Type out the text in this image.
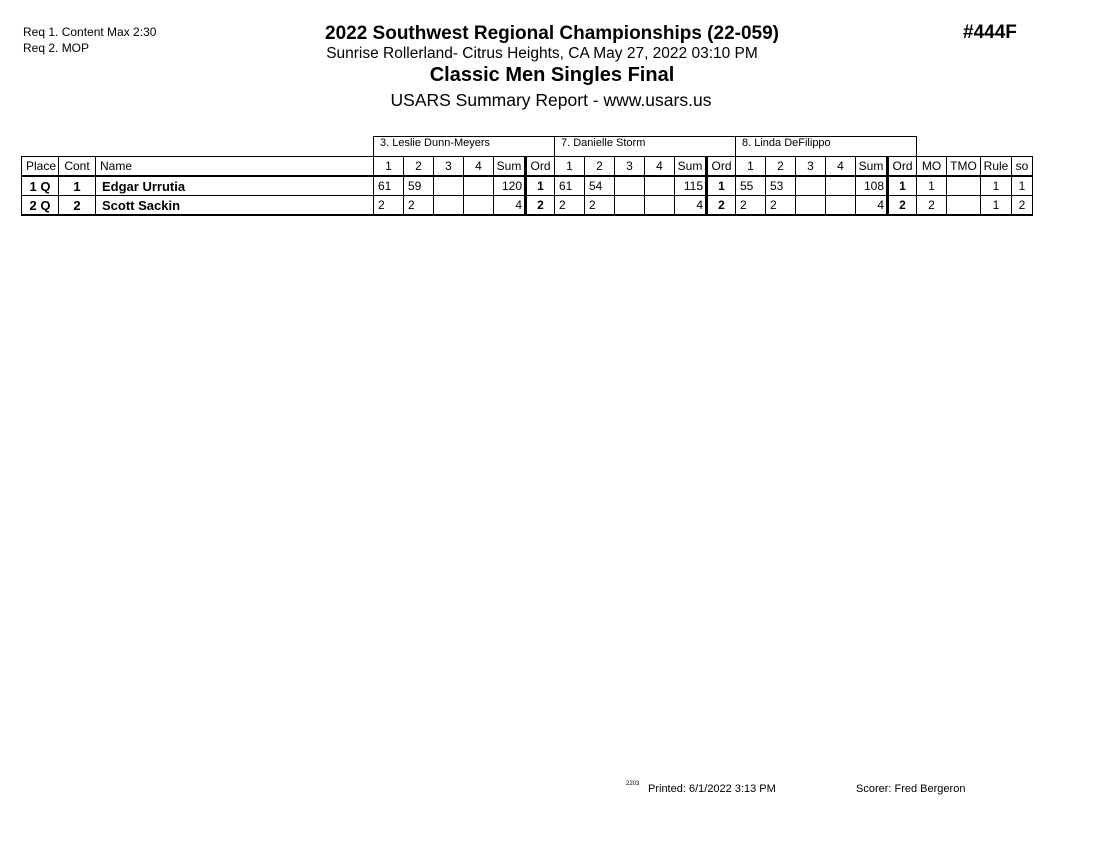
Req 1. Content Max 2:30
Req 2. MOP
#444F
2022 Southwest Regional Championships (22-059)
Sunrise Rollerland- Citrus Heights, CA May 27, 2022 03:10 PM
Classic Men Singles Final
USARS Summary Report - www.usars.us
			3. Leslie Dunn-Meyers						7. Danielle Storm						8. Linda DeFilippo									
Place	Cont	Name	1	2	3	4	Sum	Ord	1	2	3	4	Sum	Ord	1	2	3	4	Sum	Ord	MO	TMO	Rule	so
1 Q	1	Edgar Urrutia	61	59			120	1	61	54			115	1	55	53			108	1	1		1	1
2 Q	2	Scott Sackin	2	2			4	2	2	2			4	2	2	2			4	2	2		1	2
2203 Printed: 6/1/2022 3:13 PM	Scorer: Fred Bergeron
